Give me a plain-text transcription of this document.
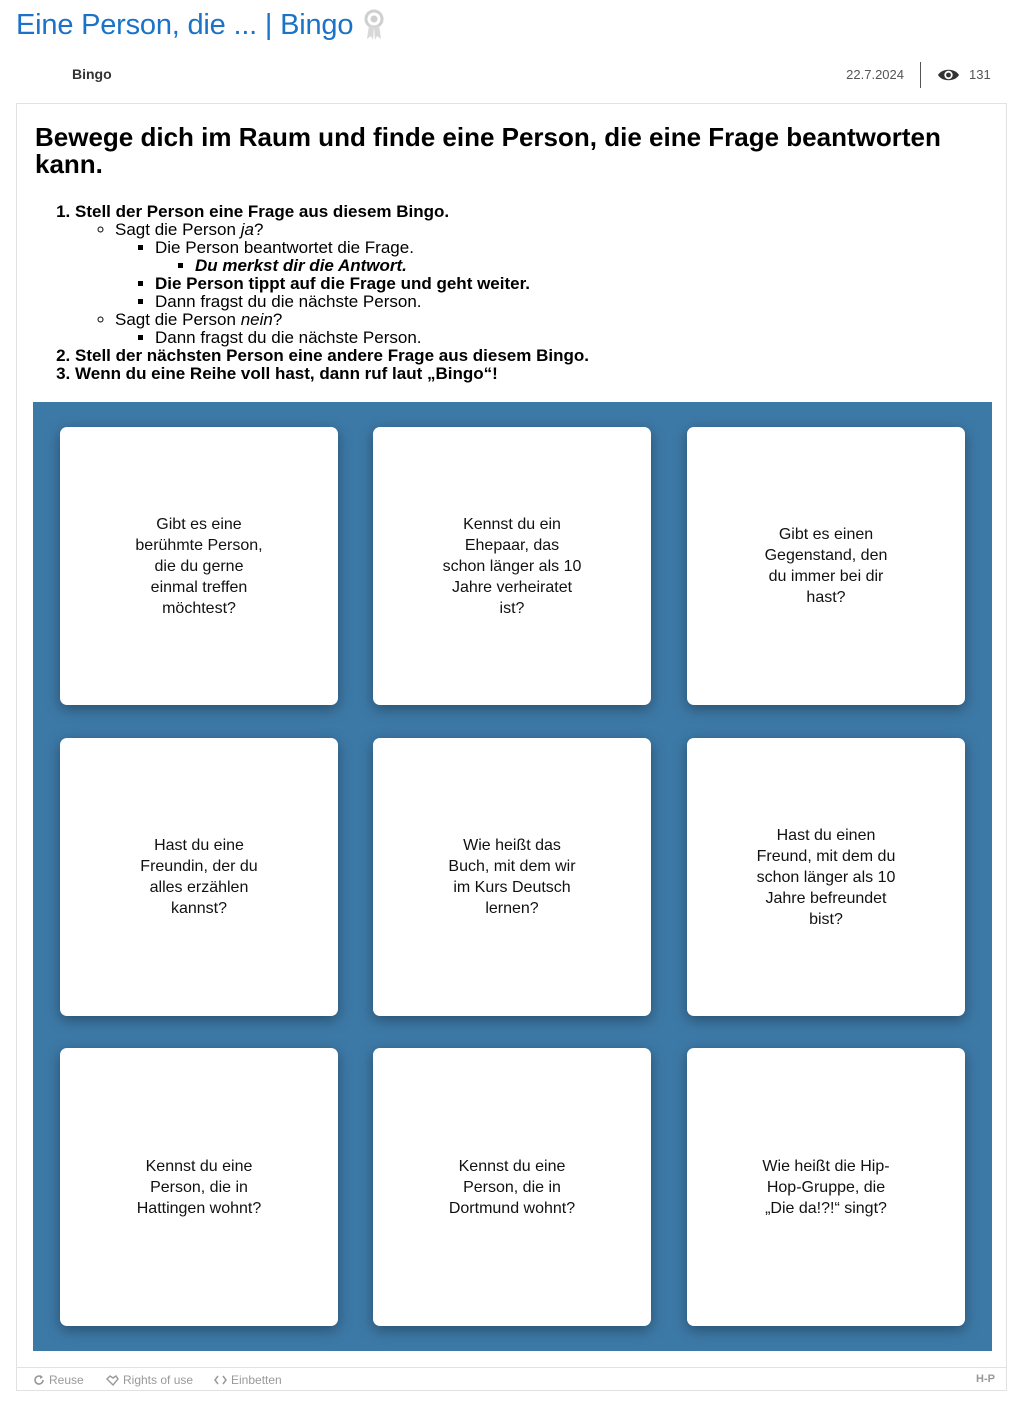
Eine Person, die ... | Bingo
Bingo	22.7.2024	131
Bewege dich im Raum und finde eine Person, die eine Frage beantworten kann.
1. Stell der Person eine Frage aus diesem Bingo.
◦ Sagt die Person ja?
▪ Die Person beantwortet die Frage.
▪ Du merkst dir die Antwort.
▪ Die Person tippt auf die Frage und geht weiter.
▪ Dann fragst du die nächste Person.
◦ Sagt die Person nein?
▪ Dann fragst du die nächste Person.
2. Stell der nächsten Person eine andere Frage aus diesem Bingo.
3. Wenn du eine Reihe voll hast, dann ruf laut „Bingo“!
Gibt es eine berühmte Person, die du gerne einmal treffen möchtest?
Kennst du ein Ehepaar, das schon länger als 10 Jahre verheiratet ist?
Gibt es einen Gegenstand, den du immer bei dir hast?
Hast du eine Freundin, der du alles erzählen kannst?
Wie heißt das Buch, mit dem wir im Kurs Deutsch lernen?
Hast du einen Freund, mit dem du schon länger als 10 Jahre befreundet bist?
Kennst du eine Person, die in Hattingen wohnt?
Kennst du eine Person, die in Dortmund wohnt?
Wie heißt die Hip-Hop-Gruppe, die „Die da!?!“ singt?
Reuse	Rights of use	Einbetten	H-P
